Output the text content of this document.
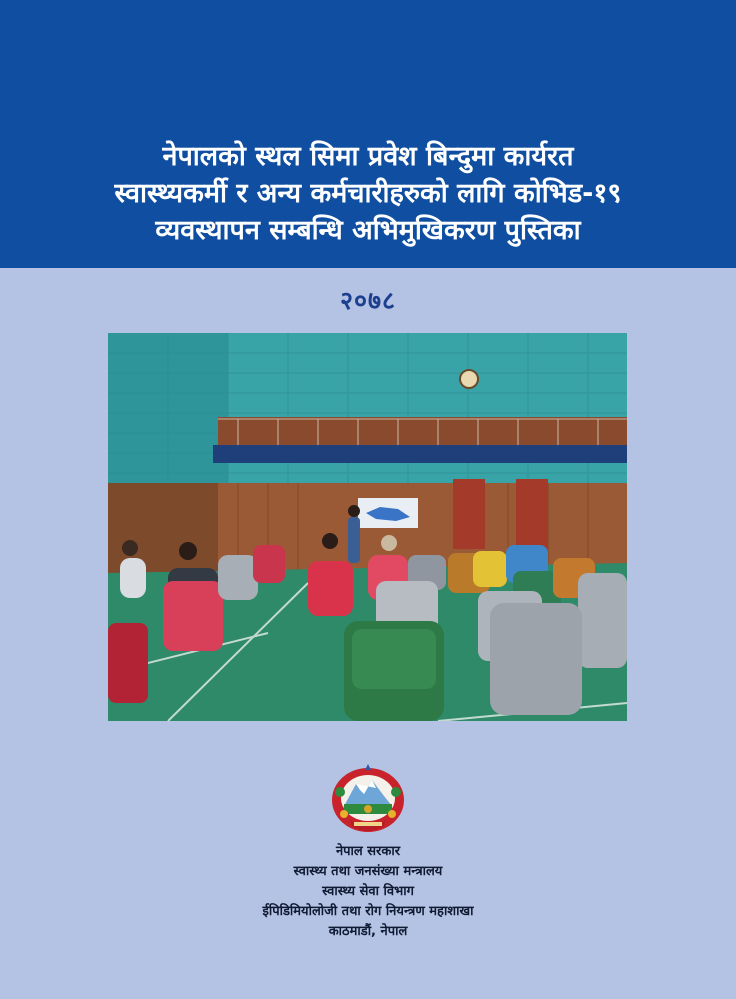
नेपालको स्थल सिमा प्रवेश बिन्दुमा कार्यरत
स्वास्थ्यकर्मी र अन्य कर्मचारीहरुको लागि कोभिड-१९
व्यवस्थापन सम्बन्धि अभिमुखिकरण पुस्तिका
२०७८
नेपाल सरकार
स्वास्थ्य तथा जनसंख्या मन्त्रालय
स्वास्थ्य सेवा विभाग
ईपिडिमियोलोजी तथा रोग नियन्त्रण महाशाखा
काठमाडौं, नेपाल
